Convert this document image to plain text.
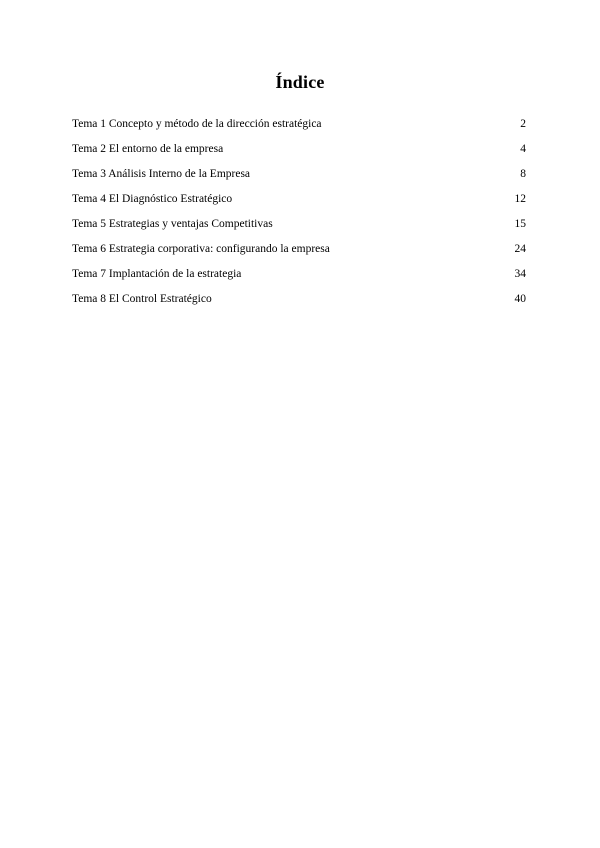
Índice
Tema 1 Concepto y método de la dirección estratégica	2
Tema 2 El entorno de la empresa	4
Tema 3 Análisis Interno de la Empresa	8
Tema 4 El Diagnóstico Estratégico	12
Tema 5 Estrategias y ventajas Competitivas	15
Tema 6 Estrategia corporativa: configurando la empresa	24
Tema 7 Implantación de la estrategia	34
Tema 8 El Control Estratégico	40
